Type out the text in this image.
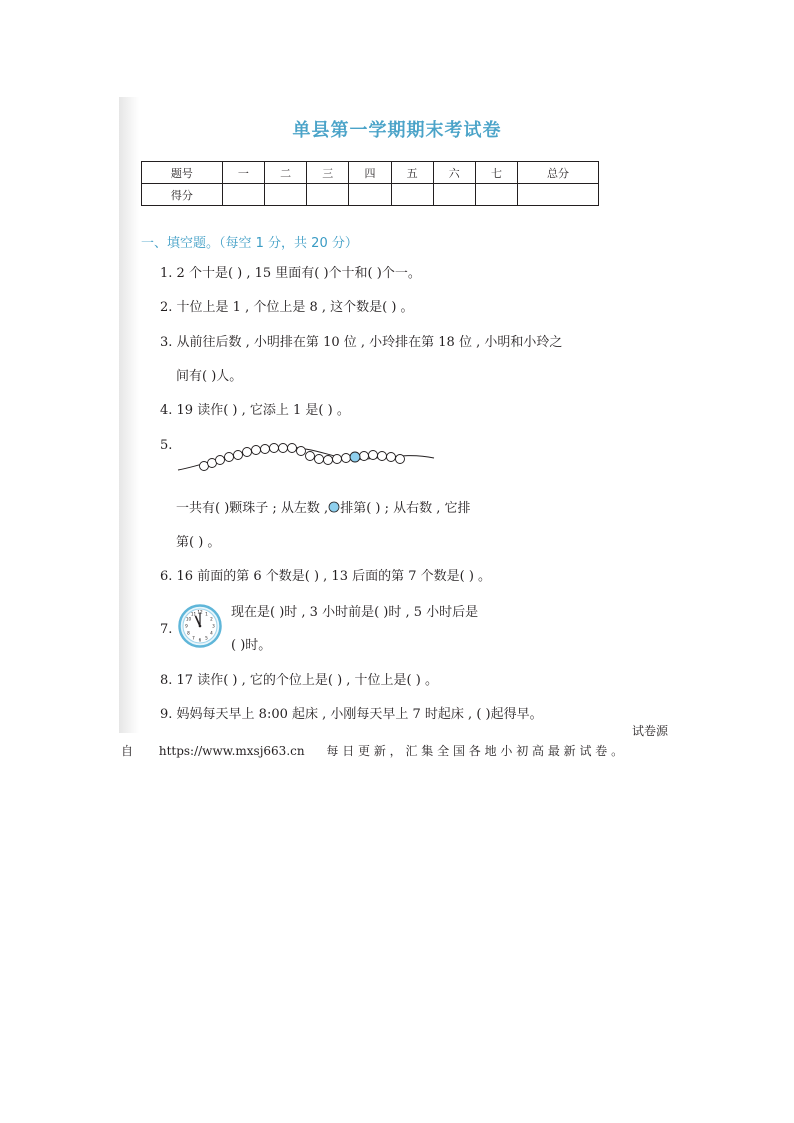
单县第一学期期末考试卷
题号	一	二	三	四	五	六	七	总分
得分								
一、填空题。（每空 1 分，共 20 分）
1. 2 个十是( ) , 15 里面有( )个十和( )个一。
2. 十位上是 1 , 个位上是 8 , 这个数是( ) 。
3. 从前往后数 , 小明排在第 10 位 , 小玲排在第 18 位 , 小明和小玲之
间有( )人。
4. 19 读作( ) , 它添上 1 是( ) 。
5.
一共有( )颗珠子 ; 从左数 , 排第( ) ; 从右数 , 它排
第( ) 。
6. 16 前面的第 6 个数是( ) , 13 后面的第 7 个数是( ) 。
7.
12 1
2
3
4
5
6
7
8
9
10
11	现在是( )时 , 3 小时前是( )时 , 5 小时后是
( )时。
8. 17 读作( ) , 它的个位上是( ) , 十位上是( ) 。
9. 妈妈每天早上 8:00 起床 , 小刚每天早上 7 时起床 , ( )起得早。
试卷源
自 https://www.mxsj663.cn 每 日 更 新 ， 汇 集 全 国 各 地 小 初 高 最 新 试 卷 。
